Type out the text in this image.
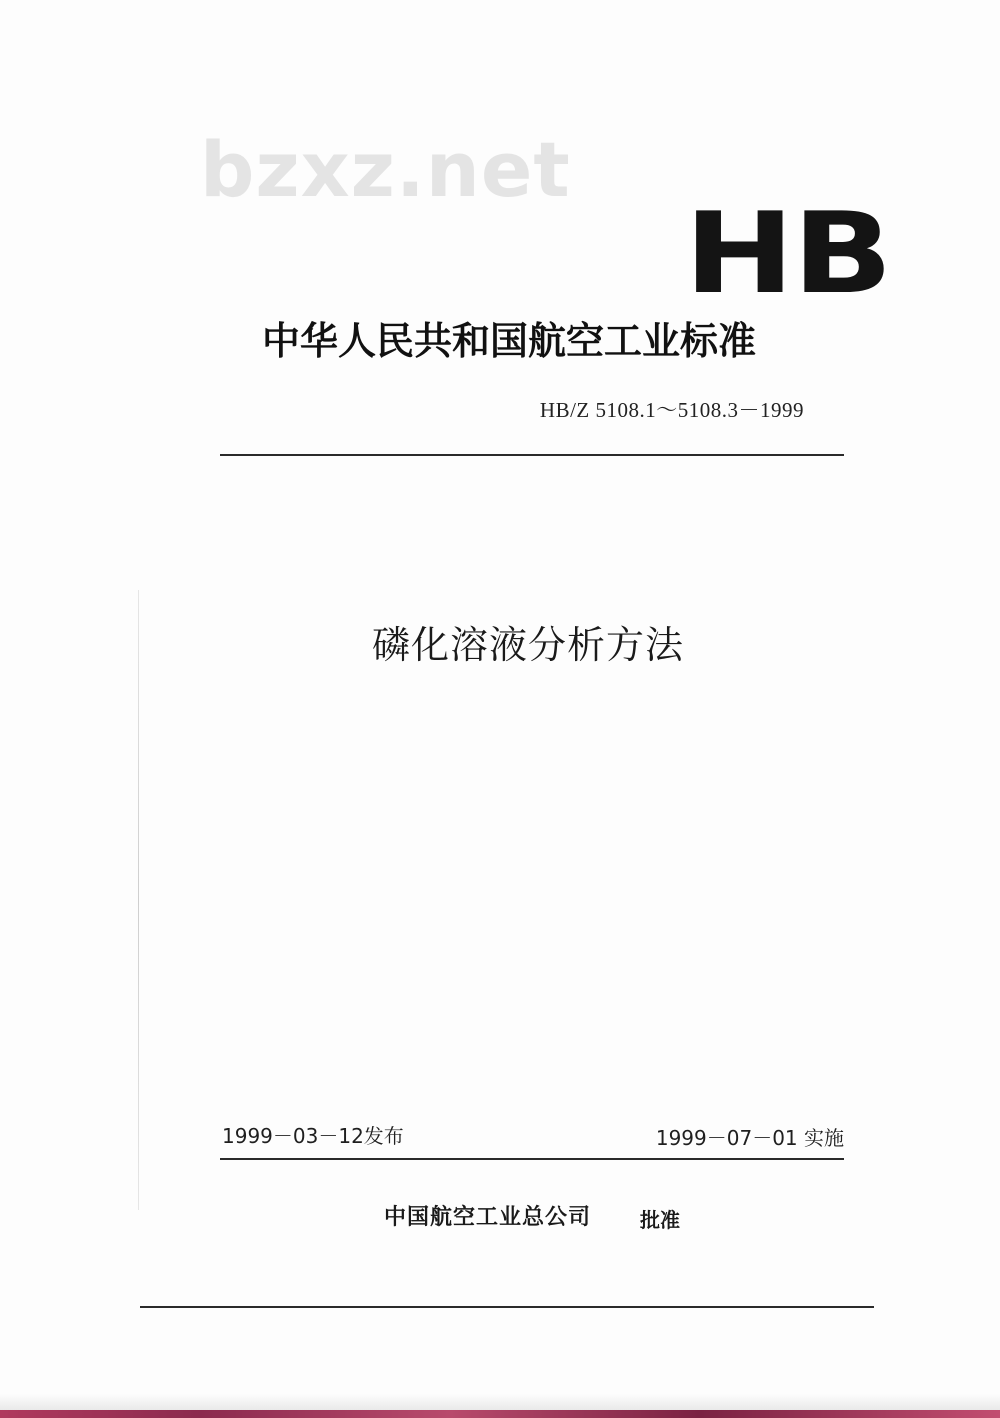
bzxz.net
HB
中华人民共和国航空工业标准
HB/Z 5108.1～5108.3－1999
磷化溶液分析方法
1999－03－12发布	1999－07－01 实施
中国航空工业总公司 批准
